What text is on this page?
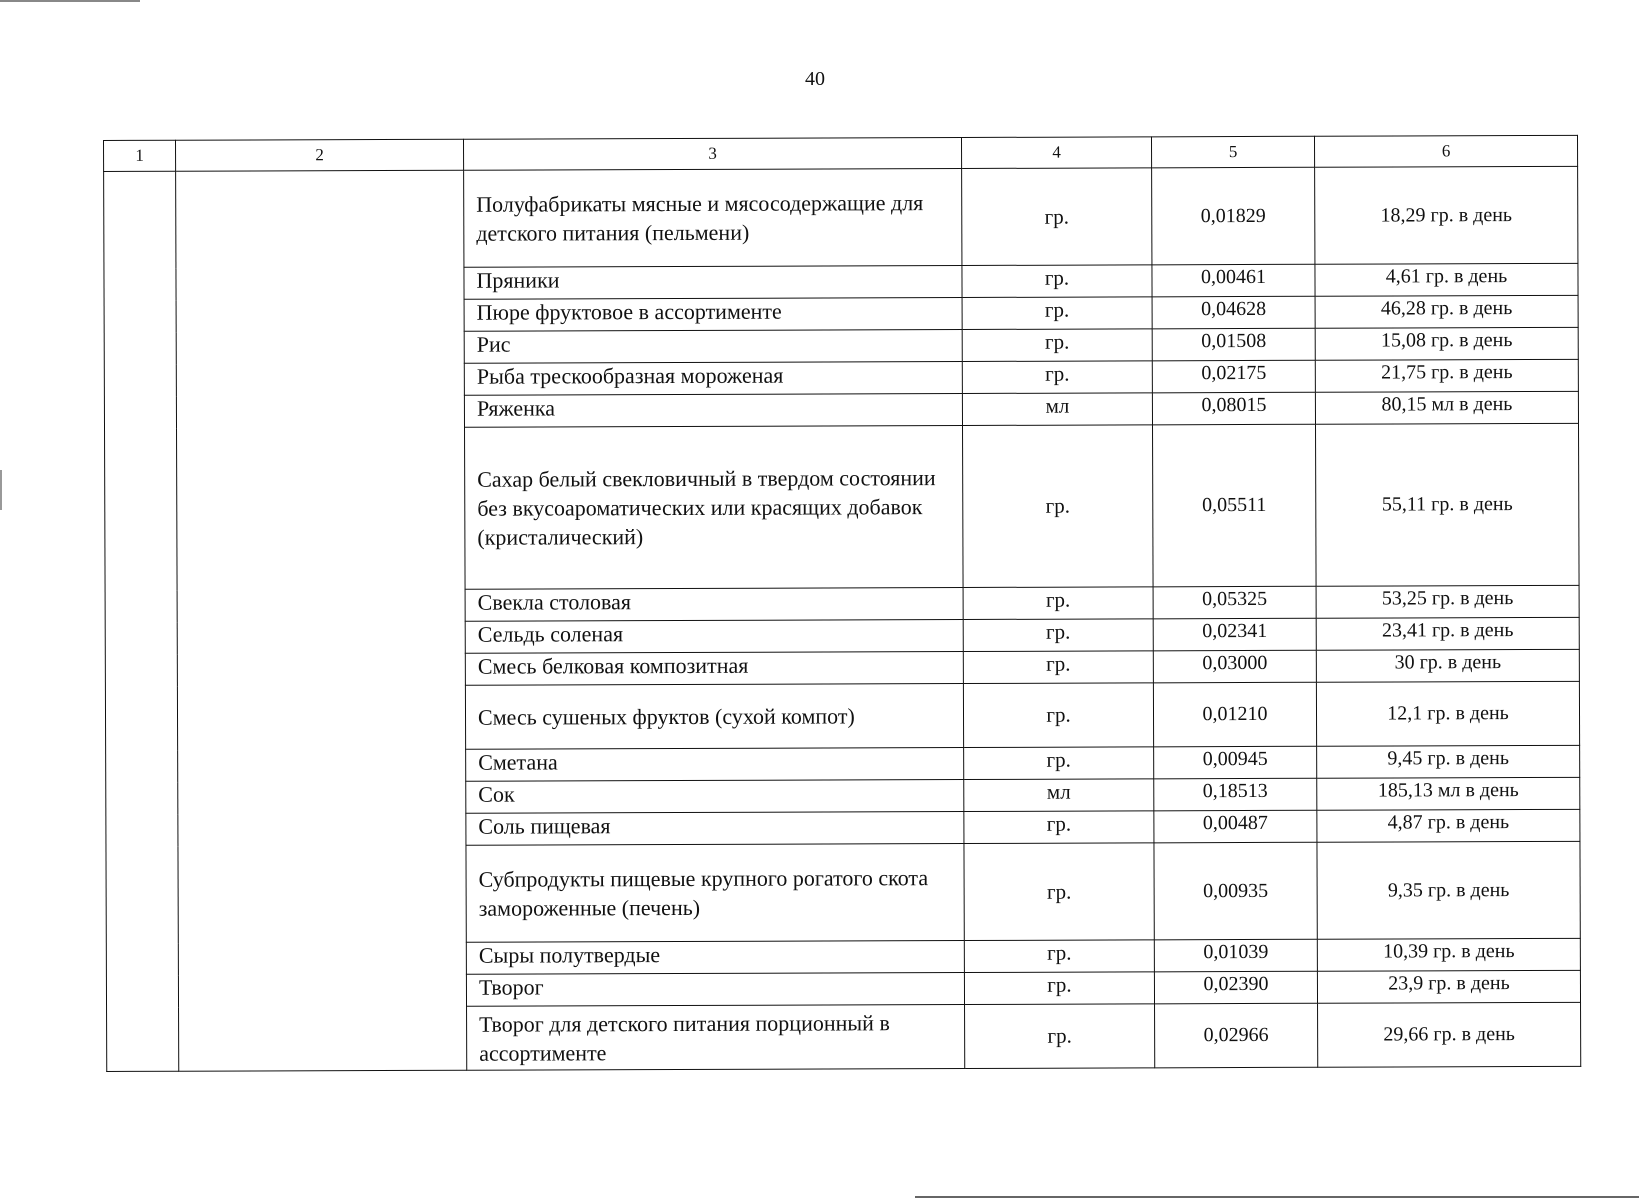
40
1	2	3	4	5	6
		Полуфабрикаты мясные и мясосодержащие для детского питания (пельмени)	гр.	0,01829	18,29 гр. в день
		Пряники	гр.	0,00461	4,61 гр. в день
		Пюре фруктовое в ассортименте	гр.	0,04628	46,28 гр. в день
		Рис	гр.	0,01508	15,08 гр. в день
		Рыба трескообразная мороженая	гр.	0,02175	21,75 гр. в день
		Ряженка	мл	0,08015	80,15 мл в день
		Сахар белый свекловичный в твердом состоянии без вкусоароматических или красящих добавок (кристалический)	гр.	0,05511	55,11 гр. в день
		Свекла столовая	гр.	0,05325	53,25 гр. в день
		Сельдь соленая	гр.	0,02341	23,41 гр. в день
		Смесь белковая композитная	гр.	0,03000	30 гр. в день
		Смесь сушеных фруктов (сухой компот)	гр.	0,01210	12,1 гр. в день
		Сметана	гр.	0,00945	9,45 гр. в день
		Сок	мл	0,18513	185,13 мл в день
		Соль пищевая	гр.	0,00487	4,87 гр. в день
		Субпродукты пищевые крупного рогатого скота замороженные (печень)	гр.	0,00935	9,35 гр. в день
		Сыры полутвердые	гр.	0,01039	10,39 гр. в день
		Творог	гр.	0,02390	23,9 гр. в день
		Творог для детского питания порционный в ассортименте	гр.	0,02966	29,66 гр. в день
